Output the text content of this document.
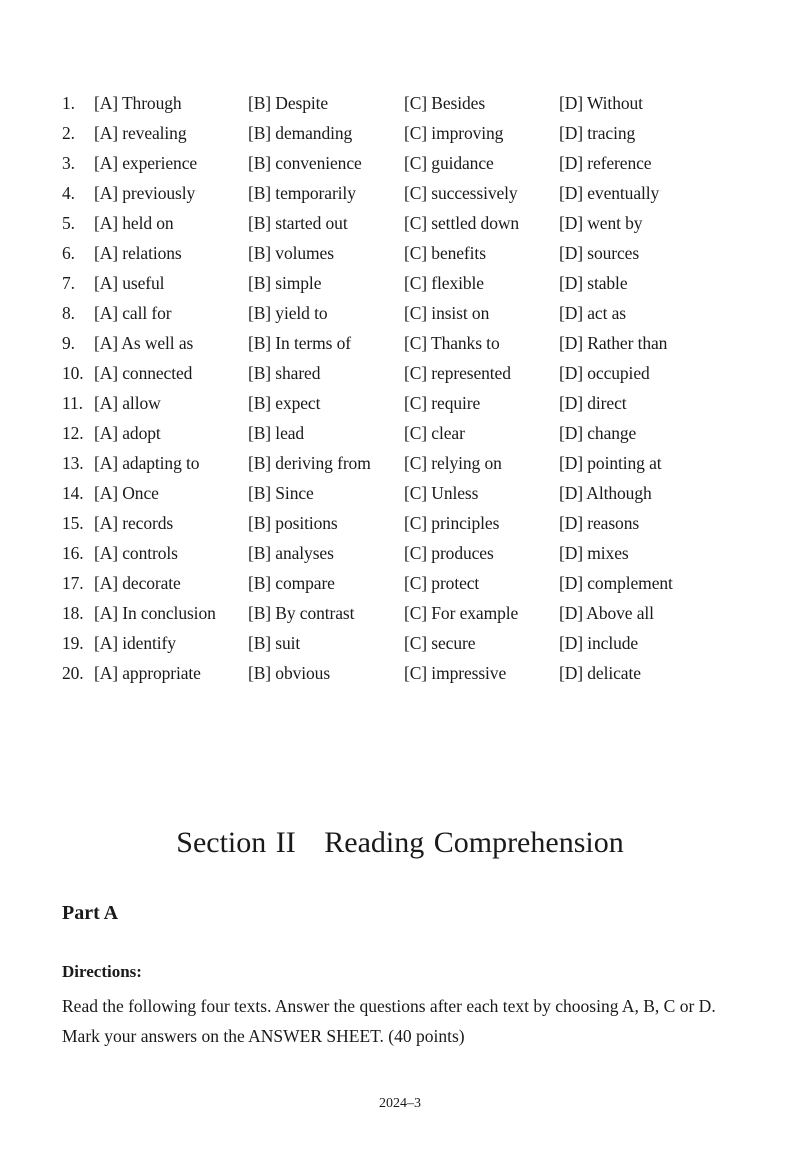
1.	[A] Through	[B] Despite	[C] Besides	[D] Without
2.	[A] revealing	[B] demanding	[C] improving	[D] tracing
3.	[A] experience	[B] convenience	[C] guidance	[D] reference
4.	[A] previously	[B] temporarily	[C] successively	[D] eventually
5.	[A] held on	[B] started out	[C] settled down	[D] went by
6.	[A] relations	[B] volumes	[C] benefits	[D] sources
7.	[A] useful	[B] simple	[C] flexible	[D] stable
8.	[A] call for	[B] yield to	[C] insist on	[D] act as
9.	[A] As well as	[B] In terms of	[C] Thanks to	[D] Rather than
10. [A] connected	[B] shared	[C] represented	[D] occupied
11. [A] allow	[B] expect	[C] require	[D] direct
12. [A] adopt	[B] lead	[C] clear	[D] change
13. [A] adapting to	[B] deriving from	[C] relying on	[D] pointing at
14. [A] Once	[B] Since	[C] Unless	[D] Although
15. [A] records	[B] positions	[C] principles	[D] reasons
16. [A] controls	[B] analyses	[C] produces	[D] mixes
17. [A] decorate	[B] compare	[C] protect	[D] complement
18. [A] In conclusion [B] By contrast	[C] For example	[D] Above all
19. [A] identify	[B] suit	[C] secure	[D] include
20. [A] appropriate	[B] obvious	[C] impressive	[D] delicate
Section II   Reading Comprehension
Part A
Directions:
Read the following four texts. Answer the questions after each text by choosing A, B, C or D. Mark your answers on the ANSWER SHEET. (40 points)
2024–3
